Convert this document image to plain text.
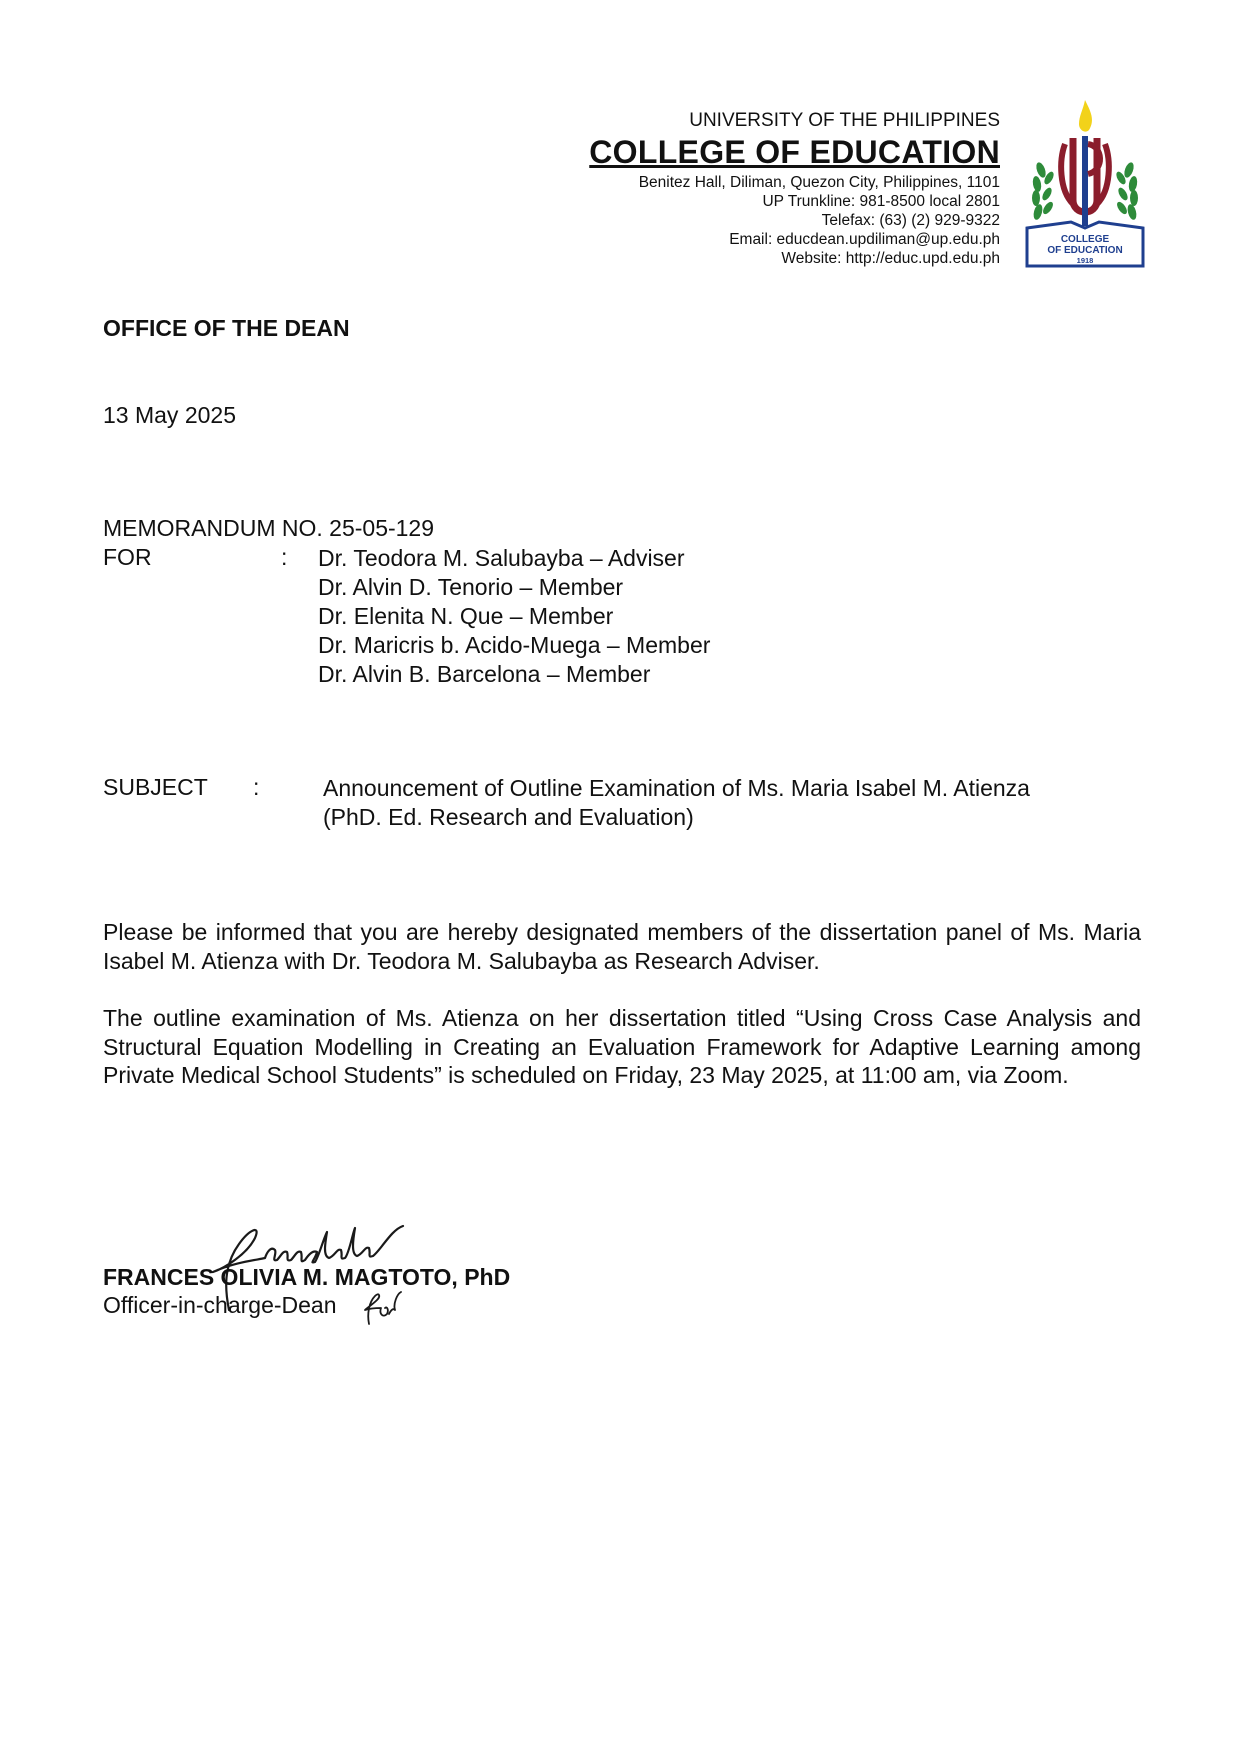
UNIVERSITY OF THE PHILIPPINES
COLLEGE OF EDUCATION
Benitez Hall, Diliman, Quezon City, Philippines, 1101
UP Trunkline: 981-8500 local 2801
Telefax: (63) (2) 929-9322
Email: educdean.updiliman@up.edu.ph
Website: http://educ.upd.edu.ph
COLLEGE
OF EDUCATION
1918
OFFICE OF THE DEAN
13 May 2025
MEMORANDUM NO. 25-05-129
FOR	: Dr. Teodora M. Salubayba – Adviser
Dr. Alvin D. Tenorio – Member
Dr. Elenita N. Que – Member
Dr. Maricris b. Acido-Muega – Member
Dr. Alvin B. Barcelona – Member
SUBJECT :	Announcement of Outline Examination of Ms. Maria Isabel M. Atienza
(PhD. Ed. Research and Evaluation)
Please be informed that you are hereby designated members of the dissertation panel of Ms. Maria Isabel M. Atienza with Dr. Teodora M. Salubayba as Research Adviser.
The outline examination of Ms. Atienza on her dissertation titled “Using Cross Case Analysis and Structural Equation Modelling in Creating an Evaluation Framework for Adaptive Learning among Private Medical School Students” is scheduled on Friday, 23 May 2025, at 11:00 am, via Zoom.
FRANCES OLIVIA M. MAGTOTO, PhD
Officer-in-charge-Dean
